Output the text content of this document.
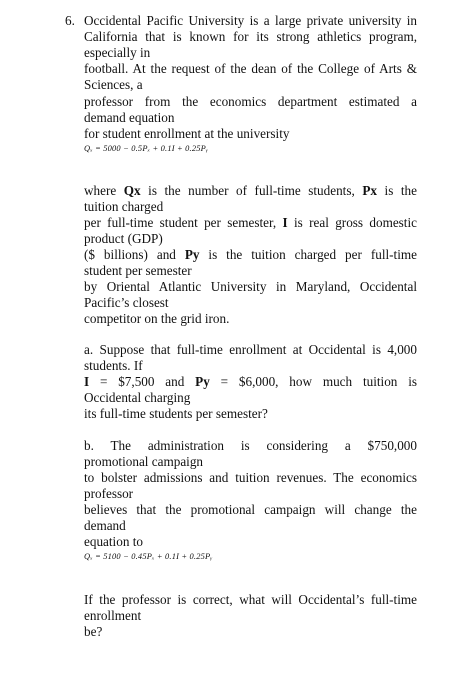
6. Occidental Pacific University is a large private university in
California that is known for its strong athletics program,
especially in
football. At the request of the dean of the College of Arts &
Sciences, a
professor from the economics department estimated a
demand equation
for student enrollment at the university
Qₓ = 5000 − 0.5Pₓ + 0.1I + 0.25Pᵧ
where Qx is the number of full-time students, Px is the
tuition charged
per full-time student per semester, I is real gross domestic
product (GDP)
($ billions) and Py is the tuition charged per full-time
student per semester
by Oriental Atlantic University in Maryland, Occidental
Pacific’s closest
competitor on the grid iron.
a. Suppose that full-time enrollment at Occidental is 4,000
students. If
I = $7,500 and Py = $6,000, how much tuition is
Occidental charging
its full-time students per semester?
b. The administration is considering a $750,000
promotional campaign
to bolster admissions and tuition revenues. The economics
professor
believes that the promotional campaign will change the
demand
equation to
Qₓ = 5100 − 0.45Pₓ + 0.1I + 0.25Pᵧ
If the professor is correct, what will Occidental’s full-time
enrollment
be?
